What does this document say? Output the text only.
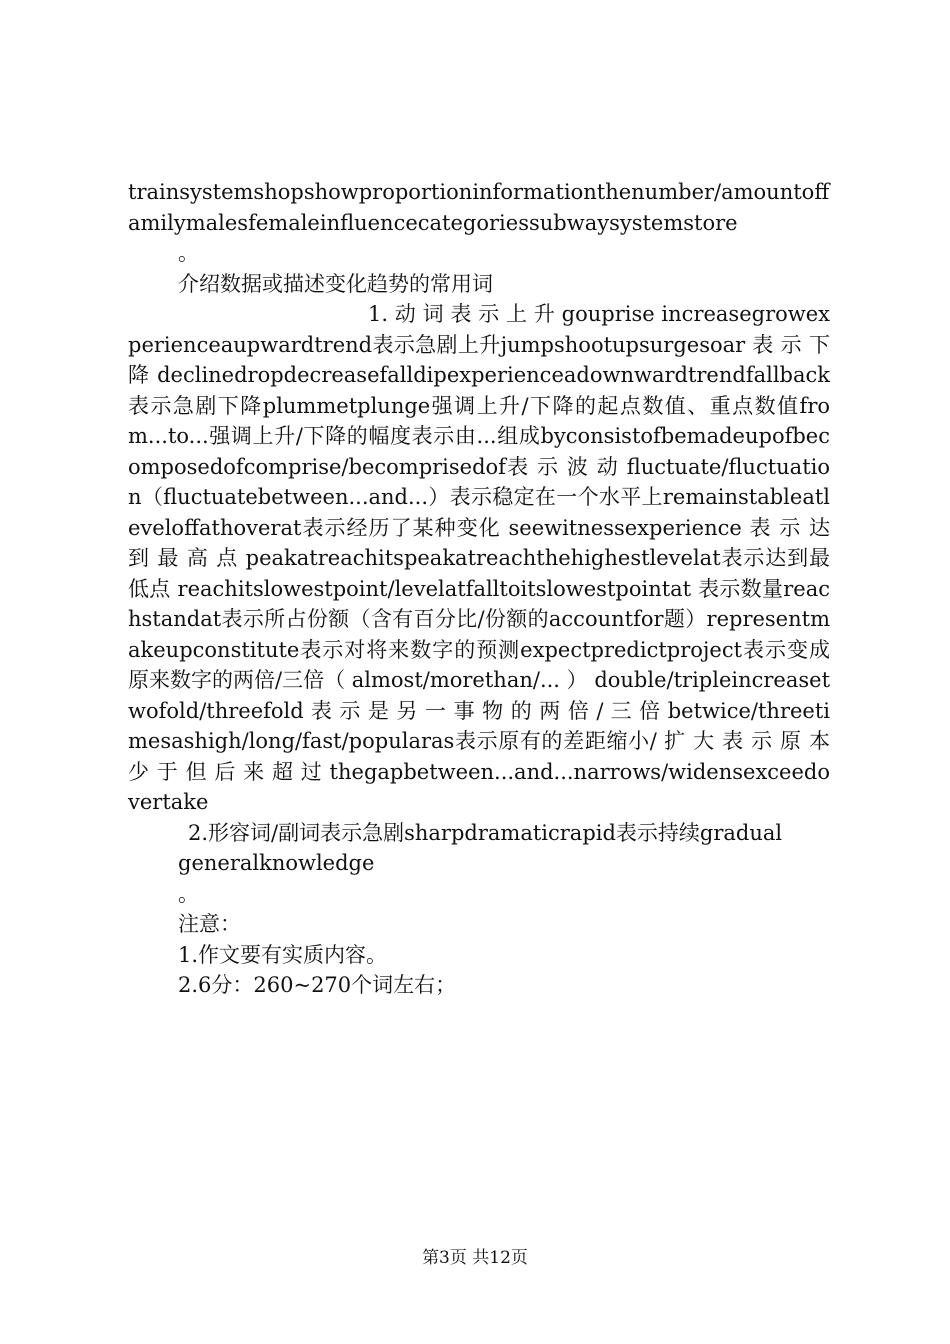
trainsystemshopshowproportioninformationthenumber/amountoffamilymalesfemaleinfluencecategoriessubwaysystemstore

。

介绍数据或描述变化趋势的常用词

1. 动 词 表 示 上 升 gouprise increasegrowexperienceaupwardtrend表示急剧上升jumpshootupsurgesoar 表 示 下 降 declinedropdecreasefalldipexperienceadownwardtrendfallback表示急剧下降plummetplunge强调上升/下降的起点数值、重点数值from...to...强调上升/下降的幅度表示由...组成byconsistofbemadeupofbecomposedofcomprise/becomprisedof表 示 波 动 fluctuate/fluctuation（fluctuatebetween...and...）表示稳定在一个水平上remainstableatleveloffathoverat表示经历了某种变化 seewitnessexperience 表 示 达 到 最 高 点 peakatreachitspeakatreachthehighestlevelat表示达到最低点 reachitslowestpoint/levelatfalltoitslowestpointat 表示数量reachstandat表示所占份额（含有百分比/份额的accountfor题）representmakeupconstitute表示对将来数字的预测expectpredictproject表示变成原来数字的两倍/三倍（ almost/morethan/... ） double/tripleincreasetwofold/threefold 表 示 是 另 一 事 物 的 两 倍 / 三 倍 betwice/threetimesashigh/long/fast/popularas表示原有的差距缩小/ 扩 大 表 示 原 本 少 于 但 后 来 超 过 thegapbetween...and...narrows/widensexceedovertake

2.形容词/副词表示急剧sharpdramaticrapid表示持续gradual

generalknowledge

。

注意：

1.作文要有实质内容。

2.6分：260~270个词左右；

第3页 共12页
